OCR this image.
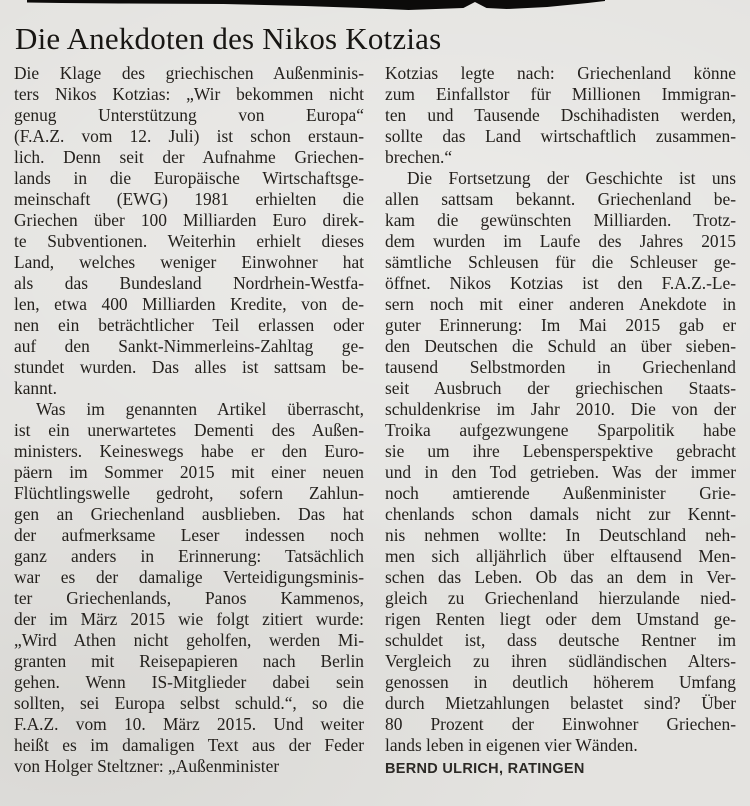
Die Anekdoten des Nikos Kotzias
Die Klage des griechischen Außenminis-
ters Nikos Kotzias: „Wir bekommen nicht
genug Unterstützung von Europa“
(F.A.Z. vom 12. Juli) ist schon erstaun-
lich. Denn seit der Aufnahme Griechen-
lands in die Europäische Wirtschaftsge-
meinschaft (EWG) 1981 erhielten die
Griechen über 100 Milliarden Euro direk-
te Subventionen. Weiterhin erhielt dieses
Land, welches weniger Einwohner hat
als das Bundesland Nordrhein-Westfa-
len, etwa 400 Milliarden Kredite, von de-
nen ein beträchtlicher Teil erlassen oder
auf den Sankt-Nimmerleins-Zahltag ge-
stundet wurden. Das alles ist sattsam be-
kannt.
Was im genannten Artikel überrascht,
ist ein unerwartetes Dementi des Außen-
ministers. Keineswegs habe er den Euro-
päern im Sommer 2015 mit einer neuen
Flüchtlingswelle gedroht, sofern Zahlun-
gen an Griechenland ausblieben. Das hat
der aufmerksame Leser indessen noch
ganz anders in Erinnerung: Tatsächlich
war es der damalige Verteidigungsminis-
ter Griechenlands, Panos Kammenos,
der im März 2015 wie folgt zitiert wurde:
„Wird Athen nicht geholfen, werden Mi-
granten mit Reisepapieren nach Berlin
gehen. Wenn IS-Mitglieder dabei sein
sollten, sei Europa selbst schuld.“, so die
F.A.Z. vom 10. März 2015. Und weiter
heißt es im damaligen Text aus der Feder
von Holger Steltzner: „Außenminister
Kotzias legte nach: Griechenland könne
zum Einfallstor für Millionen Immigran-
ten und Tausende Dschihadisten werden,
sollte das Land wirtschaftlich zusammen-
brechen.“
Die Fortsetzung der Geschichte ist uns
allen sattsam bekannt. Griechenland be-
kam die gewünschten Milliarden. Trotz-
dem wurden im Laufe des Jahres 2015
sämtliche Schleusen für die Schleuser ge-
öffnet. Nikos Kotzias ist den F.A.Z.-Le-
sern noch mit einer anderen Anekdote in
guter Erinnerung: Im Mai 2015 gab er
den Deutschen die Schuld an über sieben-
tausend Selbstmorden in Griechenland
seit Ausbruch der griechischen Staats-
schuldenkrise im Jahr 2010. Die von der
Troika aufgezwungene Sparpolitik habe
sie um ihre Lebensperspektive gebracht
und in den Tod getrieben. Was der immer
noch amtierende Außenminister Grie-
chenlands schon damals nicht zur Kennt-
nis nehmen wollte: In Deutschland neh-
men sich alljährlich über elftausend Men-
schen das Leben. Ob das an dem in Ver-
gleich zu Griechenland hierzulande nied-
rigen Renten liegt oder dem Umstand ge-
schuldet ist, dass deutsche Rentner im
Vergleich zu ihren südländischen Alters-
genossen in deutlich höherem Umfang
durch Mietzahlungen belastet sind? Über
80 Prozent der Einwohner Griechen-
lands leben in eigenen vier Wänden.
BERND ULRICH, RATINGEN
